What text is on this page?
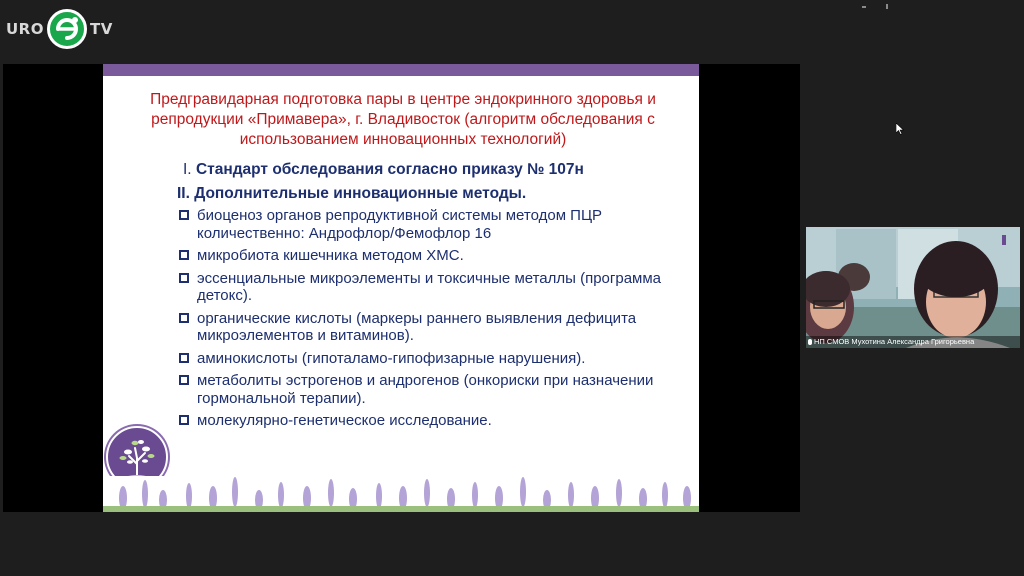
URO	TV
Предгравидарная подготовка пары в центре эндокринного здоровья и репродукции «Примавера», г. Владивосток (алгоритм обследования с использованием инновационных технологий)
I. Стандарт обследования согласно приказу № 107н
II. Дополнительные инновационные методы.
биоценоз органов репродуктивной системы методом ПЦР количественно: Андрофлор/Фемофлор 16
микробиота кишечника методом ХМС.
эссенциальные микроэлементы и токсичные металлы (программа детокс).
органические кислоты (маркеры раннего выявления дефицита микроэлементов и витаминов).
аминокислоты (гипоталамо-гипофизарные нарушения).
метаболиты эстрогенов и андрогенов (онкориски при назначении гормональной терапии).
молекулярно-генетическое исследование.
НП СМОВ Мухотина Александра Григорьевна
